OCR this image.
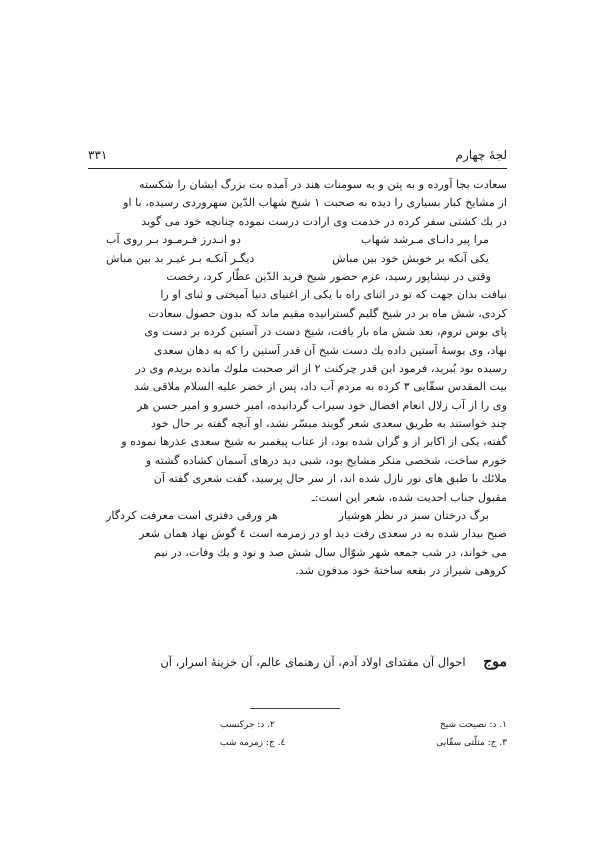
لجهٔ چهارم
۳۳۱
سعادت بجا آورده و به پتن و به سومنات هند در آمده بت بزرگ ایشان را شکسته
از مشایخ کبار بسیاری را دیده به صحبت ۱ شیخ شهاب الدّین سهروردی رسیده، با او
در یك کشتی سفر کرده در خدمت وی ارادت درست نموده چنانچه خود می گوید
مرا پیر دانـای مـرشد شهاب
دو انـدرز فـرمـود بـر روی آب
یکی آنکه بر خویش خود بین مباش
دیگـر آنکـه بـر غیـر بد بین مباش
وقتی در نیشاپور رسید، عزم حضور شیخ فرید الدّین عطّار کرد، رخصت
نیافت بدان جهت که تو در اثنای راه با یکی از اغنیای دنیا آمیختی و ثنای او را
کردی، شش ماه بر در شیخ گلیم گسترانیده مقیم ماند که بدون حصول سعادت
پای بوس نروم، بعد شش ماه بار یافت، شیخ دست در آستین کرده بر دست وی
نهاد، وی بوسهٔ آستین داده یك دست شیخ آن قدر آستین را که به دهان سعدی
رسیده بود بُبرید، فرمود این قدر چرکنت ۲ از اثر صحبت ملوك مانده بریدم وی در
بیت المقدس سقّایی ۳ کرده به مردم آب داد، پس از خضر علیه السلام ملاقی شد
وی را از آب زلال انعام افضال خود سیراب گردانیده، امیر خسرو و امیر حسن هر
چند خواستند به طریق سعدی شعر گویند میسّر نشد، او آنچه گفته بر حال خود
گفته، یکی از اکابر از و گران شده بود، از عتاب پیغمبر به شیخ سعدی عذرها نموده و
خورم ساخت، شخصی منکر مشایخ بود، شبی دید درهای آسمان کشاده گشته و
ملائك با طبق های نور نازل شده اند، از سر حال پرسید، گفت شعری گفته آن
مقبول جناب احدیت شده، شعر این است:ـ
برگ درختان سبز در نظر هوشیار
هر ورقی دفتری است معرفت کردگار
صبح بیدار شده به در سعدی رفت دید او در زمزمه است ٤ گوش نهاد همان شعر
می خواند، در شب جمعه شهر شوّال سال شش صد و نود و یك وفات، در نیم
کروهی شیراز در بقعه ساختهٔ خود مدفون شد.
موج احوال آن مقتدای اولاد آدم، آن رهنمای عالم، آن خزینهٔ اسرار، آن
۱. د: نصیحت شیخ
۲. د: جرکنسب
۳. ج: مثلّثی سقّایی
٤. ج: زمزمه شب
